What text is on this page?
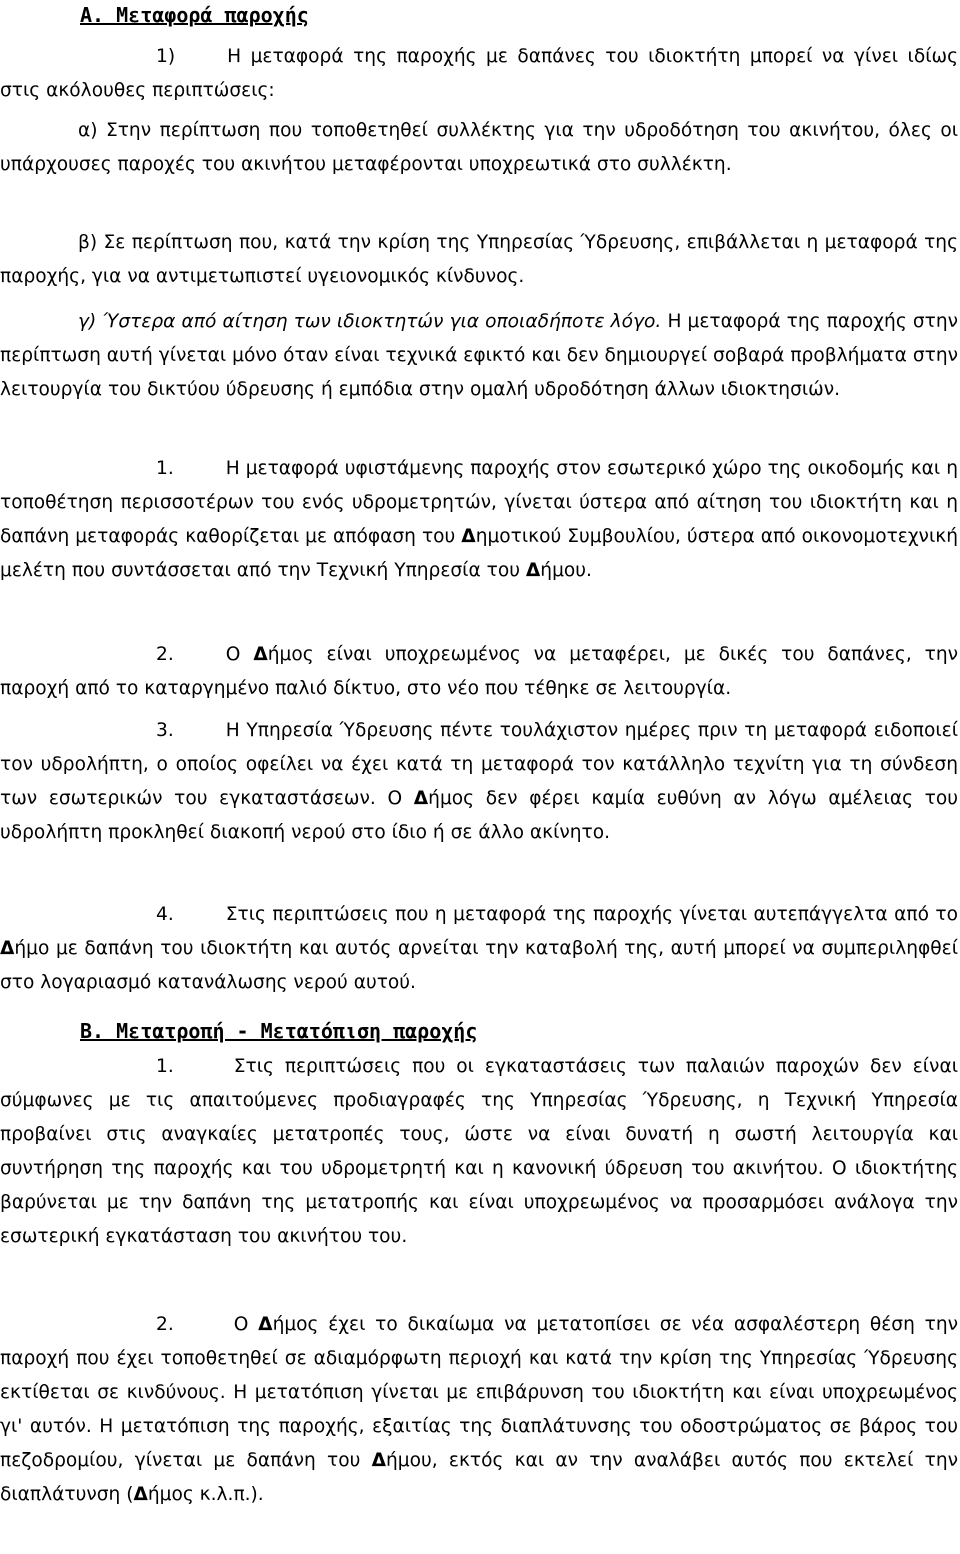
Α. Μεταφορά παροχής

1)	Η μεταφορά της παροχής με δαπάνες του ιδιοκτήτη μπορεί να γίνει ιδίως στις ακόλουθες περιπτώσεις:

α) Στην περίπτωση που τοποθετηθεί συλλέκτης για την υδροδότηση του ακινήτου, όλες οι υπάρχουσες παροχές του ακινήτου μεταφέρονται υποχρεωτικά στο συλλέκτη.

β) Σε περίπτωση που, κατά την κρίση της Υπηρεσίας Ύδρευσης, επιβάλλεται η μεταφορά της παροχής, για να αντιμετωπιστεί υγειονομικός κίνδυνος.

γ) Ύστερα από αίτηση των ιδιοκτητών για οποιαδήποτε λόγο. Η μεταφορά της παροχής στην περίπτωση αυτή γίνεται μόνο όταν είναι τεχνικά εφικτό και δεν δημιουργεί σοβαρά προβλήματα στην λειτουργία του δικτύου ύδρευσης ή εμπόδια στην ομαλή υδροδότηση άλλων ιδιοκτησιών.

1.	Η μεταφορά υφιστάμενης παροχής στον εσωτερικό χώρο της οικοδομής και η τοποθέτηση περισσοτέρων του ενός υδρομετρητών, γίνεται ύστερα από αίτηση του ιδιοκτήτη και η δαπάνη μεταφοράς καθορίζεται με απόφαση του Δημοτικού Συμβουλίου, ύστερα από οικονομοτεχνική μελέτη που συντάσσεται από την Τεχνική Υπηρεσία του Δήμου.

2.	Ο Δήμος είναι υποχρεωμένος να μεταφέρει, με δικές του δαπάνες, την παροχή από το καταργημένο παλιό δίκτυο, στο νέο που τέθηκε σε λειτουργία.

3.	Η Υπηρεσία Ύδρευσης πέντε τουλάχιστον ημέρες πριν τη μεταφορά ειδοποιεί τον υδρολήπτη, ο οποίος οφείλει να έχει κατά τη μεταφορά τον κατάλληλο τεχνίτη για τη σύνδεση των εσωτερικών του εγκαταστάσεων. Ο Δήμος δεν φέρει καμία ευθύνη αν λόγω αμέλειας του υδρολήπτη προκληθεί διακοπή νερού στο ίδιο ή σε άλλο ακίνητο.

4.	Στις περιπτώσεις που η μεταφορά της παροχής γίνεται αυτεπάγγελτα από το Δήμο με δαπάνη του ιδιοκτήτη και αυτός αρνείται την καταβολή της, αυτή μπορεί να συμπεριληφθεί στο λογαριασμό κατανάλωσης νερού αυτού.

Β. Μετατροπή - Μετατόπιση παροχής

1.	Στις περιπτώσεις που οι εγκαταστάσεις των παλαιών παροχών δεν είναι σύμφωνες με τις απαιτούμενες προδιαγραφές της Υπηρεσίας Ύδρευσης, η Τεχνική Υπηρεσία προβαίνει στις αναγκαίες μετατροπές τους, ώστε να είναι δυνατή η σωστή λειτουργία και συντήρηση της παροχής και του υδρομετρητή και η κανονική ύδρευση του ακινήτου. Ο ιδιοκτήτης βαρύνεται με την δαπάνη της μετατροπής και είναι υποχρεωμένος να προσαρμόσει ανάλογα την εσωτερική εγκατάσταση του ακινήτου του.

2.	Ο Δήμος έχει το δικαίωμα να μετατοπίσει σε νέα ασφαλέστερη θέση την παροχή που έχει τοποθετηθεί σε αδιαμόρφωτη περιοχή και κατά την κρίση της Υπηρεσίας Ύδρευσης εκτίθεται σε κινδύνους. Η μετατόπιση γίνεται με επιβάρυνση του ιδιοκτήτη και είναι υποχρεωμένος γι' αυτόν. Η μετατόπιση της παροχής, εξαιτίας της διαπλάτυνσης του οδοστρώματος σε βάρος του πεζοδρομίου, γίνεται με δαπάνη του Δήμου, εκτός και αν την αναλάβει αυτός που εκτελεί την διαπλάτυνση (Δήμος κ.λ.π.).
